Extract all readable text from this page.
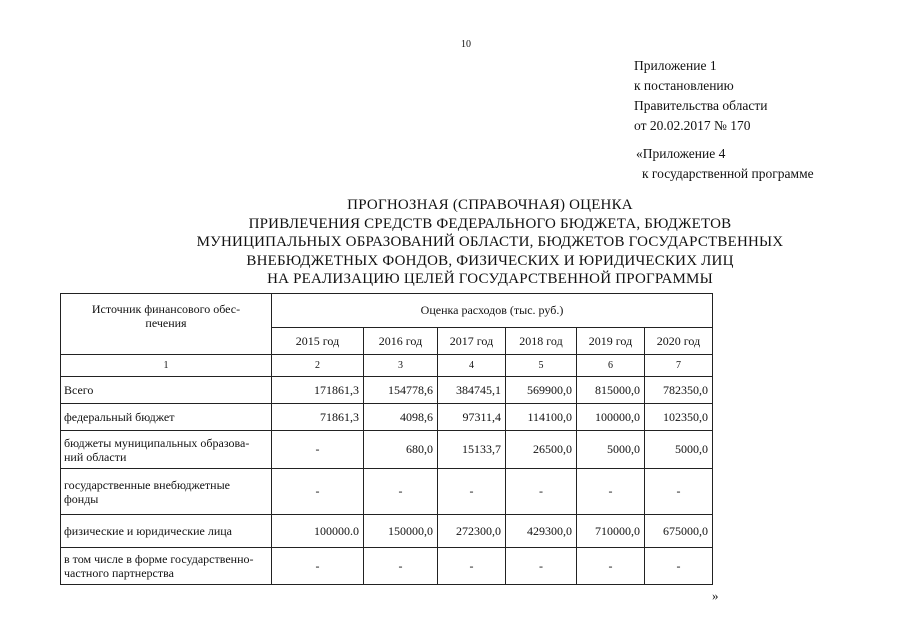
10
Приложение 1
к постановлению
Правительства области
от 20.02.2017 № 170
«Приложение 4
к государственной программе
ПРОГНОЗНАЯ (СПРАВОЧНАЯ) ОЦЕНКА
ПРИВЛЕЧЕНИЯ СРЕДСТВ ФЕДЕРАЛЬНОГО БЮДЖЕТА, БЮДЖЕТОВ
МУНИЦИПАЛЬНЫХ ОБРАЗОВАНИЙ ОБЛАСТИ, БЮДЖЕТОВ ГОСУДАРСТВЕННЫХ
ВНЕБЮДЖЕТНЫХ ФОНДОВ, ФИЗИЧЕСКИХ И ЮРИДИЧЕСКИХ ЛИЦ
НА РЕАЛИЗАЦИЮ ЦЕЛЕЙ ГОСУДАРСТВЕННОЙ ПРОГРАММЫ
Источник финансового обес-
печения	Оценка расходов (тыс. руб.)					
	2015 год	2016 год	2017 год	2018 год	2019 год	2020 год
1	2	3	4	5	6	7

Всего	171861,3	154778,6	384745,1	569900,0	815000,0	782350,0

федеральный бюджет	71861,3	4098,6	97311,4	114100,0	100000,0	102350,0

бюджеты муниципальных образова-
ний области	-	680,0	15133,7	26500,0	5000,0	5000,0

государственные внебюджетные
фонды	-	-	-	-	-	-

физические и юридические лица	100000.0	150000,0	272300,0	429300,0	710000,0	675000,0

в том числе в форме государственно-
частного партнерства	-	-	-	-	-	-
»
